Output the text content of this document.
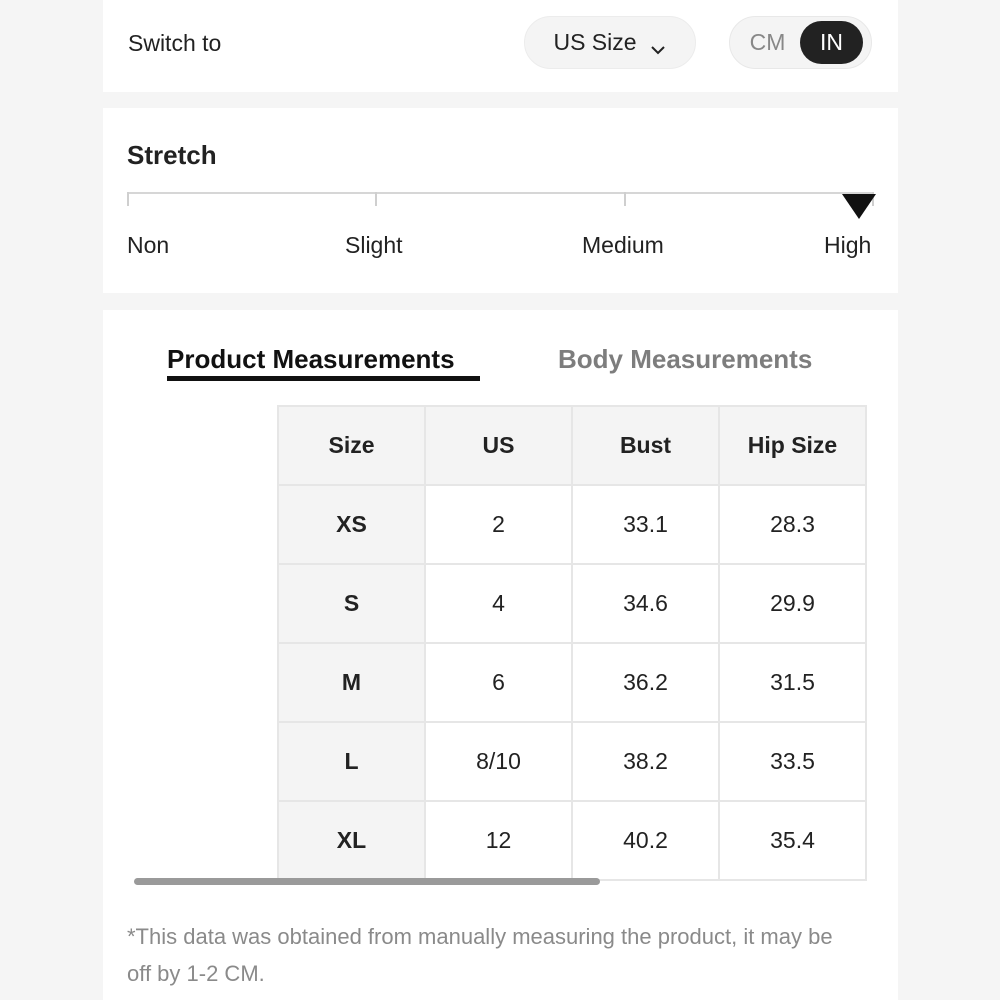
Switch to	US Size	CM	IN
Stretch
Non	Slight	Medium	High
Product Measurements	Body Measurements
Size	US	Bust	Hip Size
XS	2	33.1	28.3
S	4	34.6	29.9
M	6	36.2	31.5
L	8/10	38.2	33.5
XL	12	40.2	35.4
*This data was obtained from manually measuring the product, it may be off by 1-2 CM.
